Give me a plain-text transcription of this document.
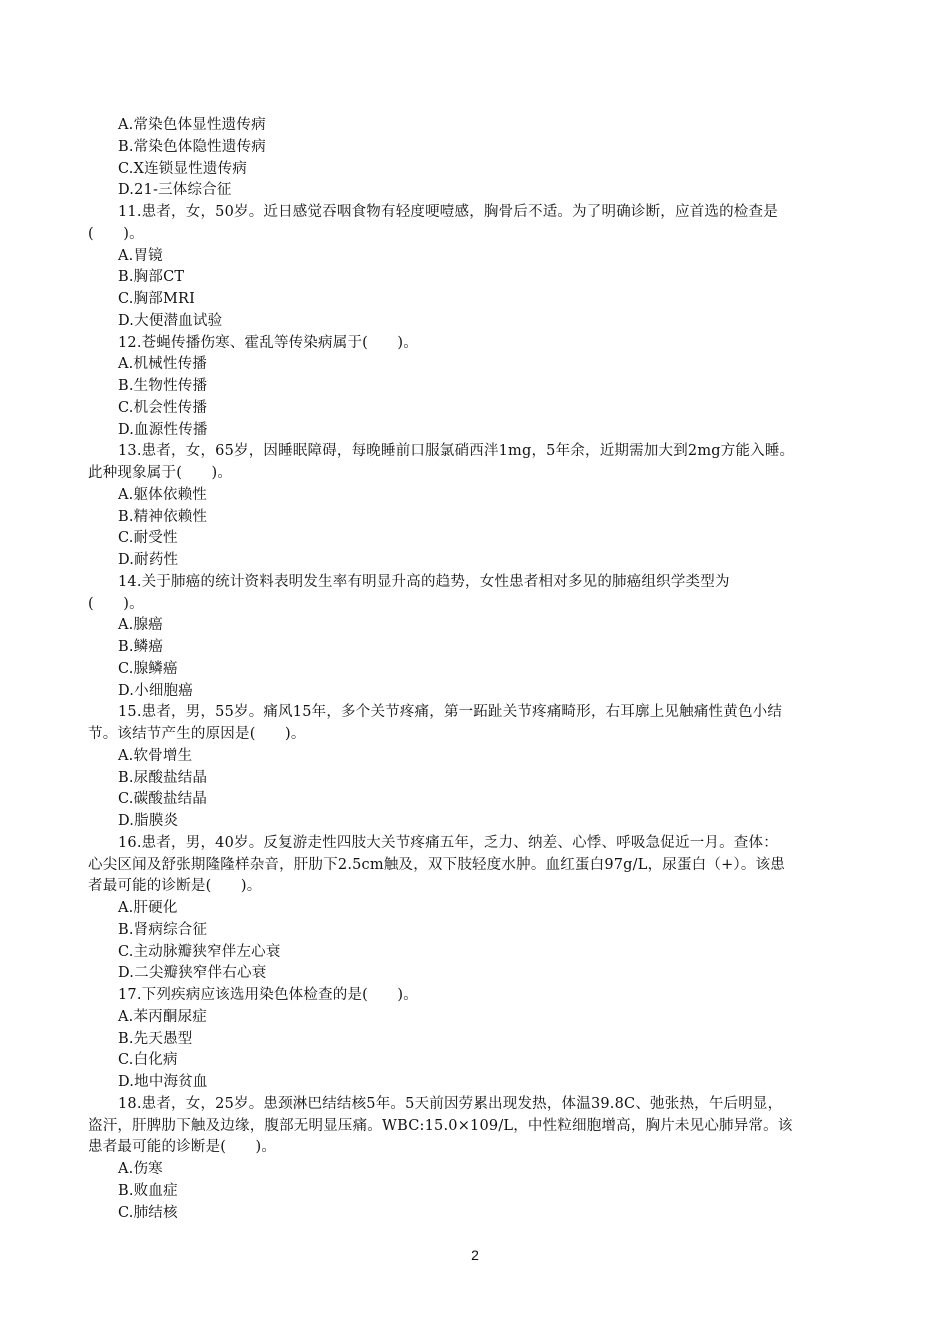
A.常染色体显性遗传病
B.常染色体隐性遗传病
C.X连锁显性遗传病
D.21-三体综合征
11.患者，女，50岁。近日感觉吞咽食物有轻度哽噎感，胸骨后不适。为了明确诊断，应首选的检查是
(　　)。
A.胃镜
B.胸部CT
C.胸部MRI
D.大便潜血试验
12.苍蝇传播伤寒、霍乱等传染病属于(　　)。
A.机械性传播
B.生物性传播
C.机会性传播
D.血源性传播
13.患者，女，65岁，因睡眠障碍，每晚睡前口服氯硝西泮1mg，5年余，近期需加大到2mg方能入睡。
此种现象属于(　　)。
A.躯体依赖性
B.精神依赖性
C.耐受性
D.耐药性
14.关于肺癌的统计资料表明发生率有明显升高的趋势，女性患者相对多见的肺癌组织学类型为
(　　)。
A.腺癌
B.鳞癌
C.腺鳞癌
D.小细胞癌
15.患者，男，55岁。痛风15年，多个关节疼痛，第一跖趾关节疼痛畸形，右耳廓上见触痛性黄色小结
节。该结节产生的原因是(　　)。
A.软骨增生
B.尿酸盐结晶
C.碳酸盐结晶
D.脂膜炎
16.患者，男，40岁。反复游走性四肢大关节疼痛五年，乏力、纳差、心悸、呼吸急促近一月。查体：
心尖区闻及舒张期隆隆样杂音，肝肋下2.5cm触及，双下肢轻度水肿。血红蛋白97g/L，尿蛋白（+）。该患
者最可能的诊断是(　　)。
A.肝硬化
B.肾病综合征
C.主动脉瓣狭窄伴左心衰
D.二尖瓣狭窄伴右心衰
17.下列疾病应该选用染色体检查的是(　　)。
A.苯丙酮尿症
B.先天愚型
C.白化病
D.地中海贫血
18.患者，女，25岁。患颈淋巴结结核5年。5天前因劳累出现发热，体温39.8C、弛张热，午后明显，
盗汗，肝脾肋下触及边缘，腹部无明显压痛。WBC:15.0×109/L，中性粒细胞增高，胸片未见心肺异常。该
患者最可能的诊断是(　　)。
A.伤寒
B.败血症
C.肺结核
2
